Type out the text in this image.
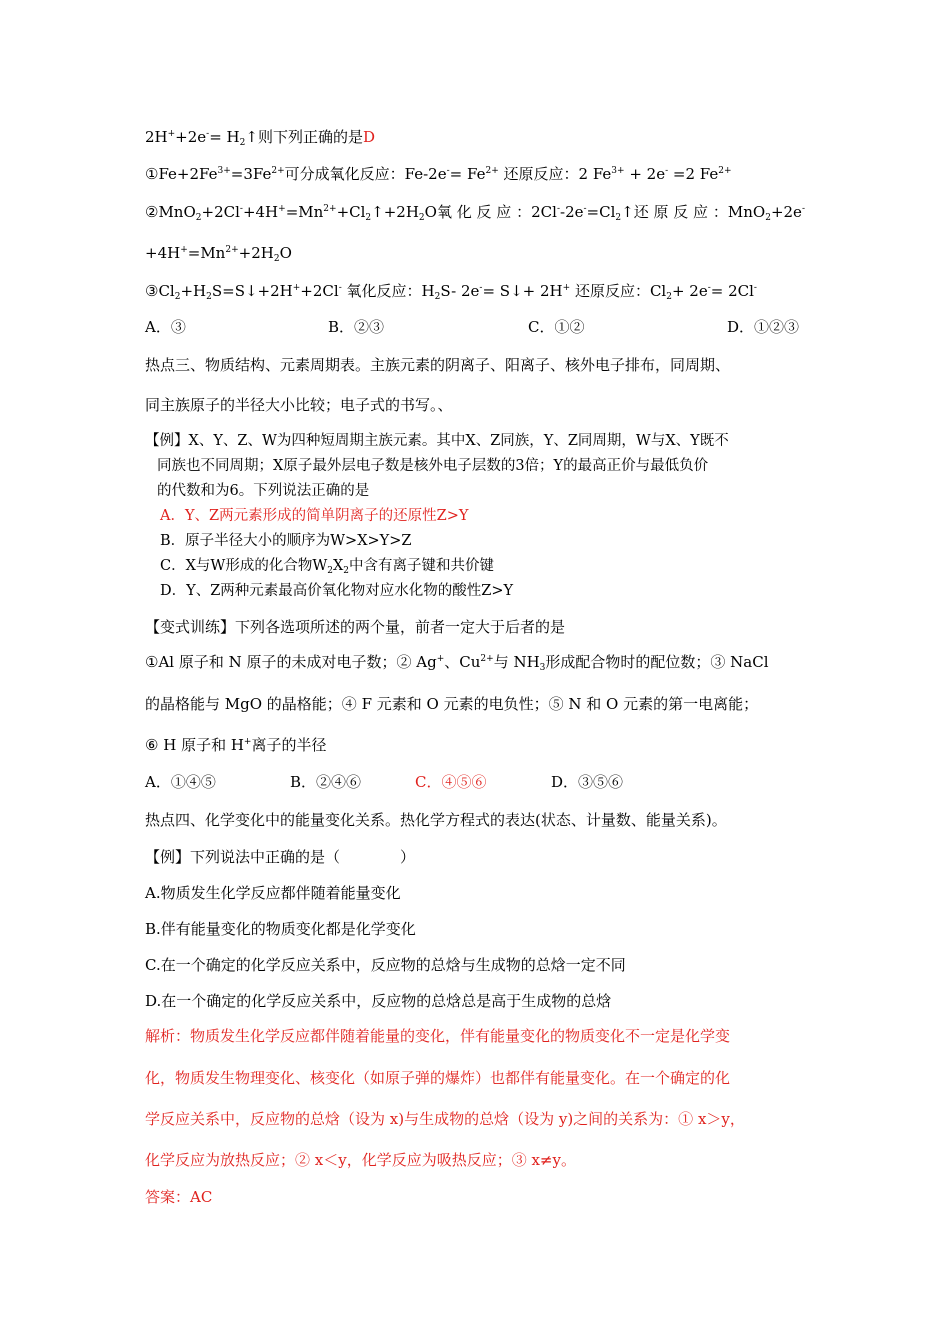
$2H^++2e^-= H_2↑$则下列正确的是D
$①Fe+2Fe^{3+}=3Fe^{2+}$可分成氧化反应：$Fe-2e^-= Fe^{2+}$ 还原反应：2 $Fe^{3+} + 2e^- =2$ $Fe^{2+}$
$②MnO_2+2Cl^-+4H^+=Mn^{2+}+Cl_2↑+2H_2O$ 氧 化 反 应 ： $2Cl^--2e^-=Cl_2↑$ 还 原 反 应 ： MnO$_2$+2e-
$+4H^+=Mn^{2+}+2H_2O$
$③Cl_2+H_2S=S↓+2H^++2Cl^-$ 氧化反应：$H_2S-$ 2e-= S↓+ 2H+ 还原反应：$Cl_2+ 2e^-= 2Cl^-$
A．③	B．②③	C．①②	D．①②③
热点三、物质结构、元素周期表。主族元素的阴离子、阳离子、核外电子排布，同周期、
同主族原子的半径大小比较；电子式的书写。、
【例】X、Y、Z、W为四种短周期主族元素。其中X、Z同族，Y、Z同周期，W与X、Y既不
同族也不同周期；X原子最外层电子数是核外电子层数的3倍；Y的最高正价与最低负价
的代数和为6。下列说法正确的是
A．Y、Z两元素形成的简单阴离子的还原性Z>Y
B．原子半径大小的顺序为W>X>Y>Z
C．X与W形成的化合物$W_2X_2$中含有离子键和共价键
D．Y、Z两种元素最高价氧化物对应水化物的酸性Z>Y
【变式训练】下列各选项所述的两个量，前者一定大于后者的是
①Al 原子和 N 原子的未成对电子数；② Ag+、$Cu^{2+}$与 $NH_3$形成配合物时的配位数；③ NaCl
的晶格能与 MgO 的晶格能；④ F 元素和 O 元素的电负性；⑤ N 和 O 元素的第一电离能；
⑥ H 原子和 H+离子的半径
A．①④⑤	B．②④⑥	C．④⑤⑥	D．③⑤⑥
热点四、化学变化中的能量变化关系。热化学方程式的表达(状态、计量数、能量关系)。
【例】下列说法中正确的是（　　　　）
A.物质发生化学反应都伴随着能量变化
B.伴有能量变化的物质变化都是化学变化
C.在一个确定的化学反应关系中，反应物的总焓与生成物的总焓一定不同
D.在一个确定的化学反应关系中，反应物的总焓总是高于生成物的总焓
解析：物质发生化学反应都伴随着能量的变化，伴有能量变化的物质变化不一定是化学变
化，物质发生物理变化、核变化（如原子弹的爆炸）也都伴有能量变化。在一个确定的化
学反应关系中，反应物的总焓（设为 x)与生成物的总焓（设为 y)之间的关系为：① x＞y，
化学反应为放热反应；② x＜y，化学反应为吸热反应；③ x≠y。
答案：AC
